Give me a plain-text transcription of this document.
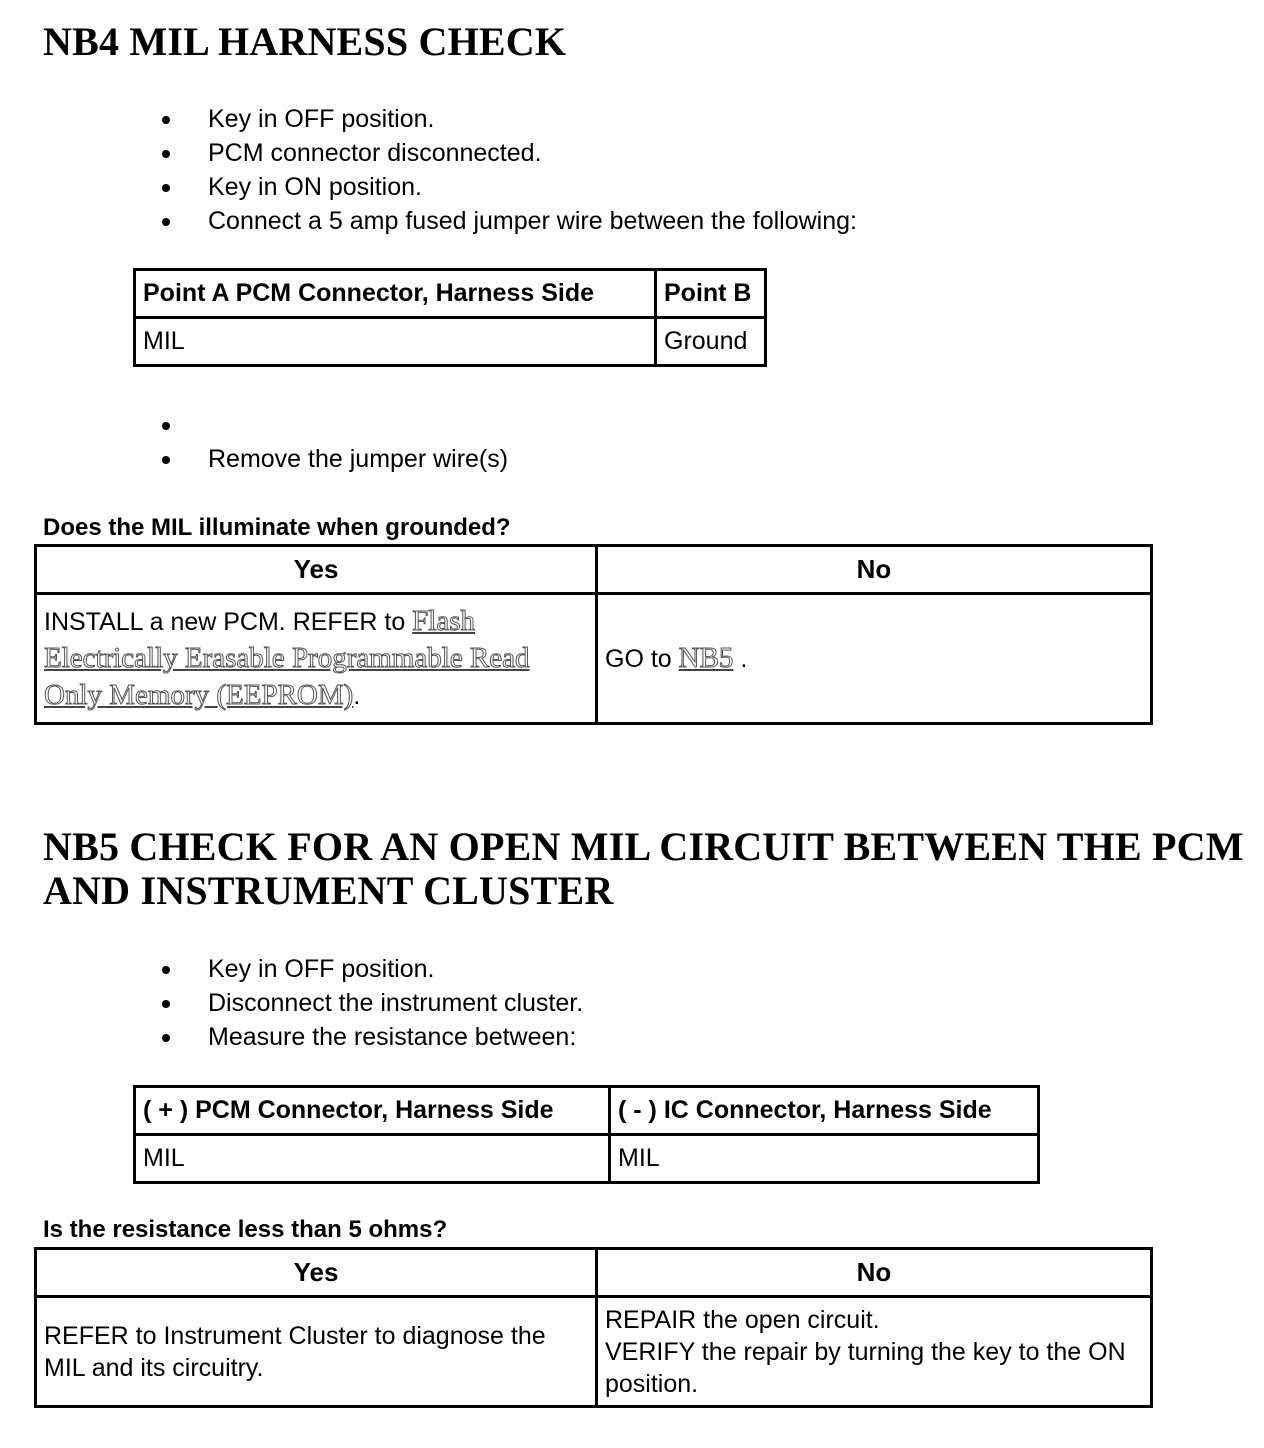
NB4 MIL HARNESS CHECK
Key in OFF position.
PCM connector disconnected.
Key in ON position.
Connect a 5 amp fused jumper wire between the following:
Point A PCM Connector, Harness Side	Point B
MIL	Ground
Remove the jumper wire(s)

Does the MIL illuminate when grounded?

Yes	No
INSTALL a new PCM. REFER to Flash Electrically Erasable Programmable Read Only Memory (EEPROM).	GO to NB5 .
NB5 CHECK FOR AN OPEN MIL CIRCUIT BETWEEN THE PCM
AND INSTRUMENT CLUSTER
Key in OFF position.
Disconnect the instrument cluster.
Measure the resistance between:
( + ) PCM Connector, Harness Side	( - ) IC Connector, Harness Side
MIL	MIL

Is the resistance less than 5 ohms?

Yes	No
REFER to Instrument Cluster to diagnose the MIL and its circuitry.	REPAIR the open circuit.
VERIFY the repair by turning the key to the ON position.
